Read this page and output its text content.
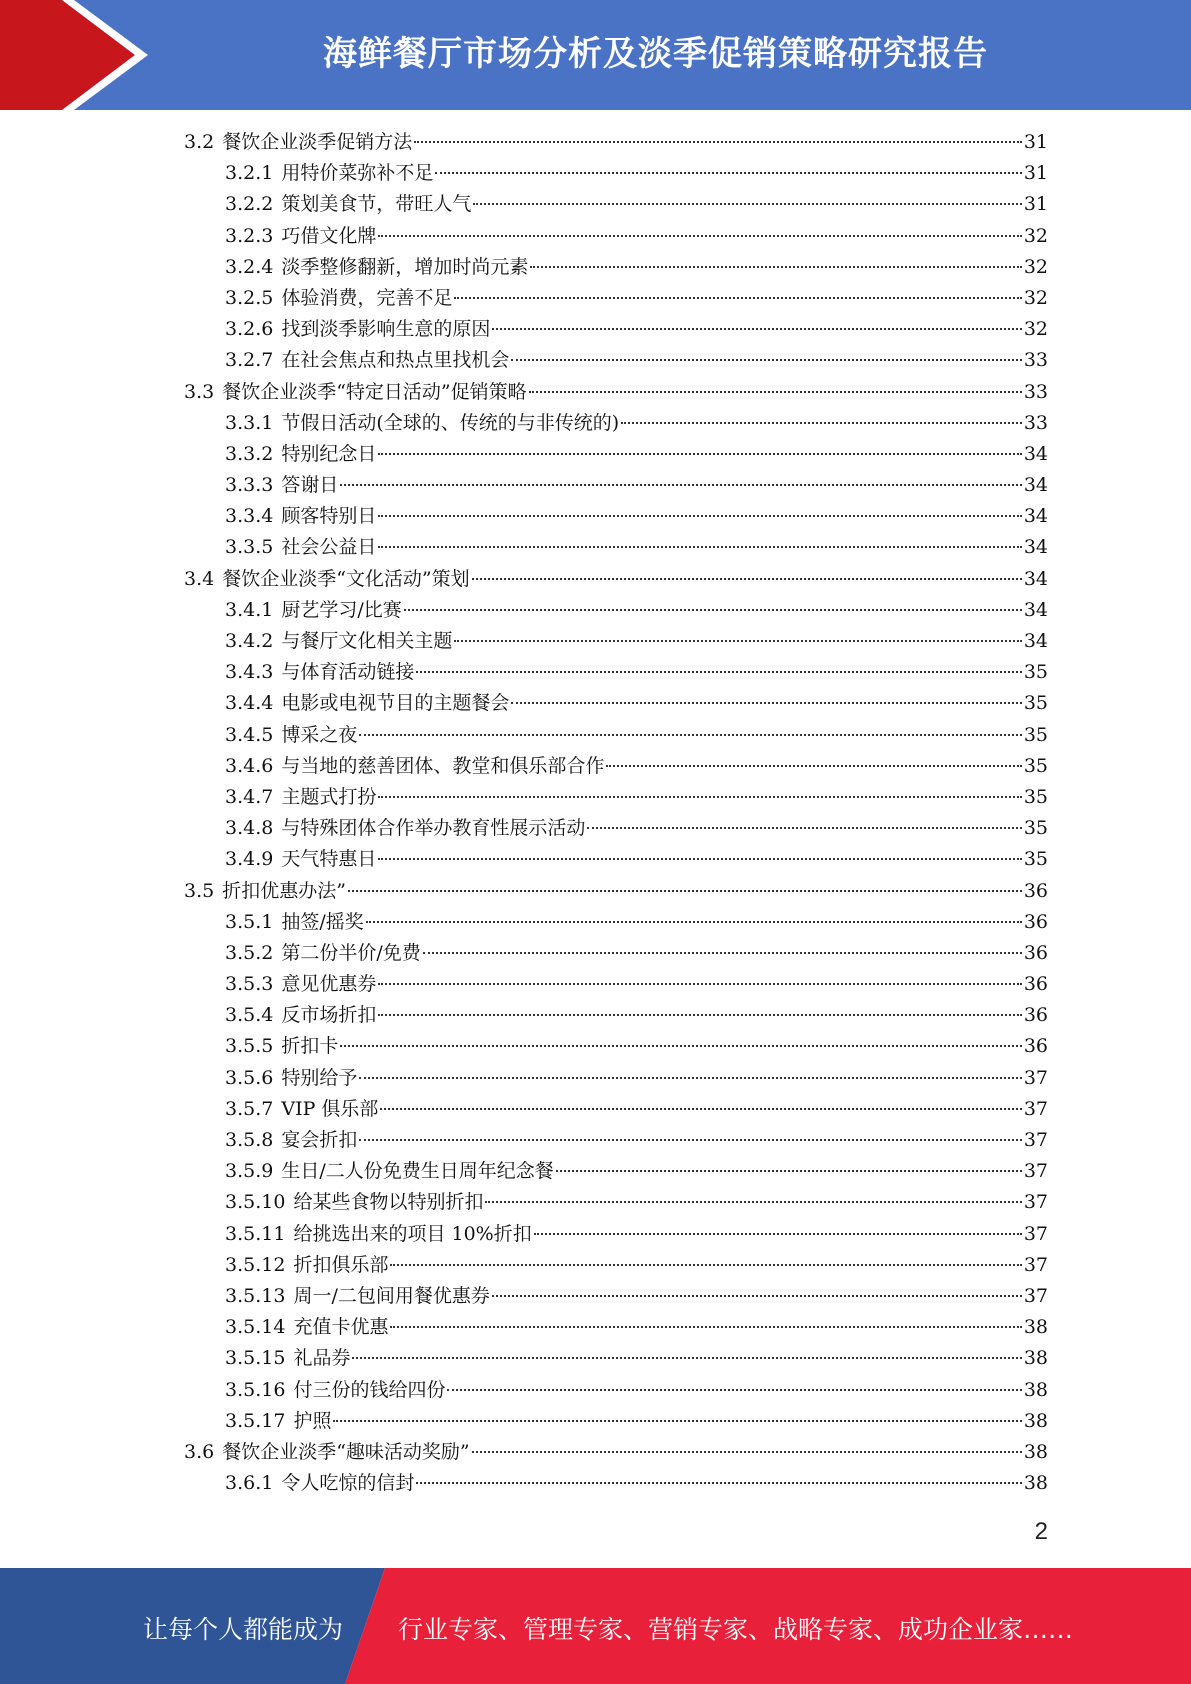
海鲜餐厅市场分析及淡季促销策略研究报告
3.2 餐饮企业淡季促销方法	31
3.2.1 用特价菜弥补不足	31
3.2.2 策划美食节，带旺人气	31
3.2.3 巧借文化牌	32
3.2.4 淡季整修翻新，增加时尚元素	32
3.2.5 体验消费，完善不足	32
3.2.6 找到淡季影响生意的原因	32
3.2.7 在社会焦点和热点里找机会	33
3.3 餐饮企业淡季“特定日活动”促销策略	33
3.3.1 节假日活动(全球的、传统的与非传统的)	33
3.3.2 特别纪念日	34
3.3.3 答谢日	34
3.3.4 顾客特别日	34
3.3.5 社会公益日	34
3.4 餐饮企业淡季“文化活动”策划	34
3.4.1 厨艺学习/比赛	34
3.4.2 与餐厅文化相关主题	34
3.4.3 与体育活动链接	35
3.4.4 电影或电视节目的主题餐会	35
3.4.5 博采之夜	35
3.4.6 与当地的慈善团体、教堂和俱乐部合作	35
3.4.7 主题式打扮	35
3.4.8 与特殊团体合作举办教育性展示活动	35
3.4.9 天气特惠日	35
3.5 折扣优惠办法”	36
3.5.1 抽签/摇奖	36
3.5.2 第二份半价/免费	36
3.5.3 意见优惠券	36
3.5.4 反市场折扣	36
3.5.5 折扣卡	36
3.5.6 特别给予	37
3.5.7 VIP 俱乐部	37
3.5.8 宴会折扣	37
3.5.9 生日/二人份免费生日周年纪念餐	37
3.5.10 给某些食物以特别折扣	37
3.5.11 给挑选出来的项目 10%折扣	37
3.5.12 折扣俱乐部	37
3.5.13 周一/二包间用餐优惠券	37
3.5.14 充值卡优惠	38
3.5.15 礼品券	38
3.5.16 付三份的钱给四份	38
3.5.17 护照	38
3.6 餐饮企业淡季“趣味活动奖励”	38
3.6.1 令人吃惊的信封	38
2
让每个人都能成为 行业专家、管理专家、营销专家、战略专家、成功企业家……
